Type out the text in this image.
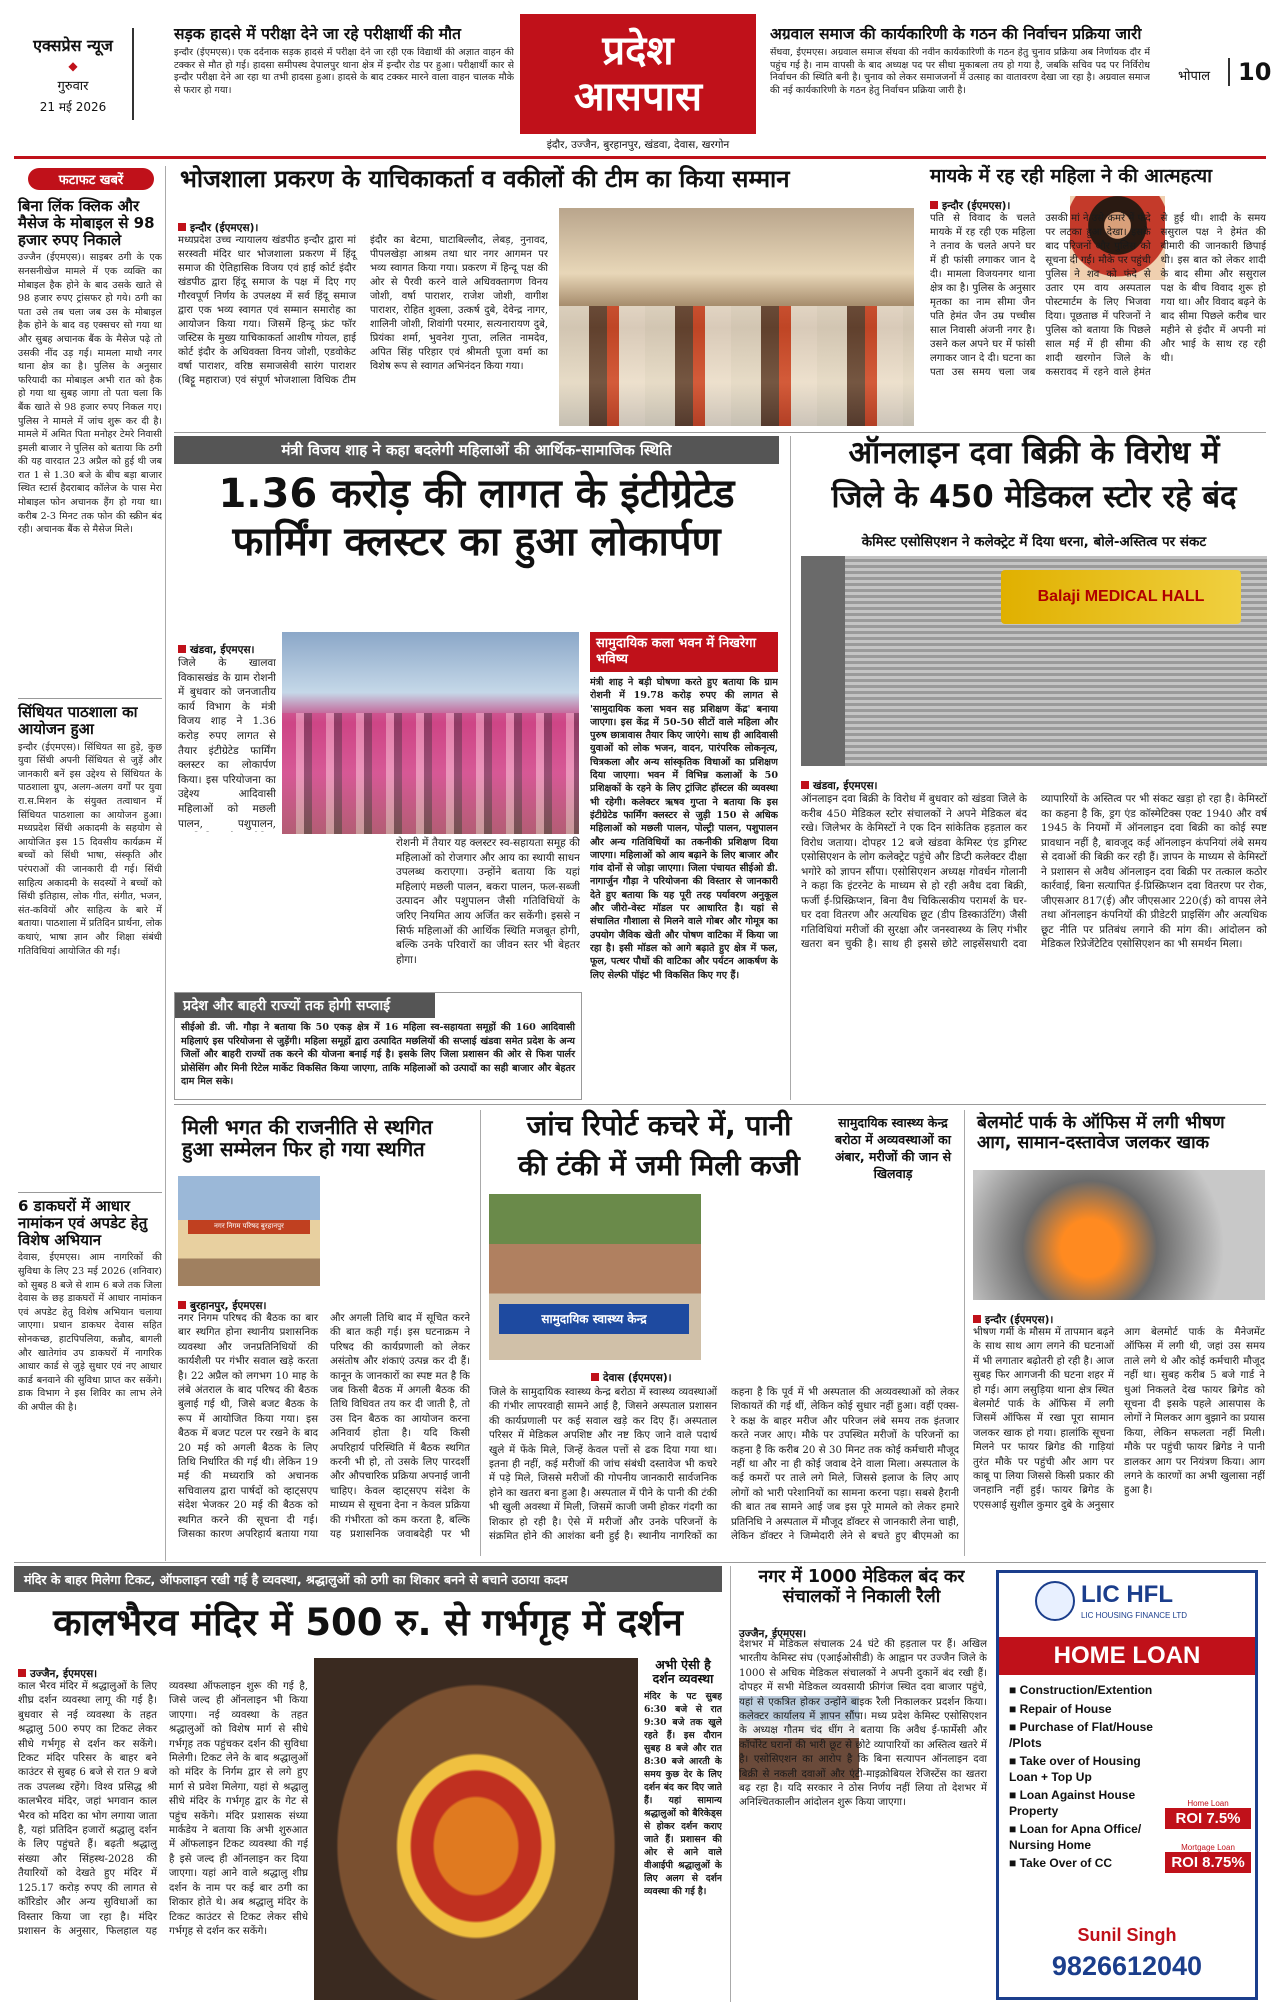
एक्सप्रेस न्यूज
◆
गुरुवार
21 मई 2026
सड़क हादसे में परीक्षा देने जा रहे परीक्षार्थी की मौत
इन्दौर (ईएमएस)। एक दर्दनाक सड़क हादसे में परीक्षा देने जा रही एक विद्यार्थी की अज्ञात वाहन की टक्कर से मौत हो गई। हादसा समीपस्थ देपालपुर थाना क्षेत्र में इन्दौर रोड पर हुआ। परीक्षार्थी कार से इन्दौर परीक्षा देने आ रहा था तभी हादसा हुआ। हादसे के बाद टक्कर मारने वाला वाहन चालक मौके से फरार हो गया।
प्रदेश
आसपास
इंदौर, उज्जैन, बुरहानपुर, खंडवा, देवास, खरगोन
अग्रवाल समाज की कार्यकारिणी के गठन की निर्वाचन प्रक्रिया जारी
सेंधवा, ईएमएस। अग्रवाल समाज सेंधवा की नवीन कार्यकारिणी के गठन हेतु चुनाव प्रक्रिया अब निर्णायक दौर में पहुंच गई है। नाम वापसी के बाद अध्यक्ष पद पर सीधा मुकाबला तय हो गया है, जबकि सचिव पद पर निर्विरोध निर्वाचन की स्थिति बनी है। चुनाव को लेकर समाजजनों में उत्साह का वातावरण देखा जा रहा है। अग्रवाल समाज की नई कार्यकारिणी के गठन हेतु निर्वाचन प्रक्रिया जारी है।
भोपाल	10
फटाफट खबरें
बिना लिंक क्लिक और मैसेज के मोबाइल से 98 हजार रुपए निकाले
उज्जैन (ईएमएस)। साइबर ठगी के एक सनसनीखेज मामले में एक व्यक्ति का मोबाइल हैक होने के बाद उसके खाते से 98 हजार रुपए ट्रांसफर हो गये। ठगी का पता उसे तब चला जब उस के मोबाइल हैक होने के बाद वह एक्सचर सो गया था और सुबह अचानक बैंक के मैसेज पढ़े तो उसकी नींद उड़ गई। मामला माधौ नगर थाना क्षेत्र का है। पुलिस के अनुसार फरियादी का मोबाइल अभी रात को हैक हो गया था सुबह जागा तो पता चला कि बैंक खाते से 98 हजार रुपए निकल गए। पुलिस ने मामले में जांच शुरू कर दी है। मामले में अमित पिता मनोहर टेमरे निवासी इमली बाजार ने पुलिस को बताया कि ठगी की यह वारदात 23 अप्रैल को हुई थी जब रात 1 से 1.30 बजे के बीच बड़ा बाजार स्थित स्टार्स हैदराबाद कॉलेज के पास मेरा मोबाइल फोन अचानक हैंग हो गया था। करीब 2-3 मिनट तक फोन की स्क्रीन बंद रही। अचानक बैंक से मैसेज मिले।
सिंधियत पाठशाला का आयोजन हुआ
इन्दौर (ईएमएस)। सिंधियत सा हुड़े, कुछ युवा सिंधी अपनी सिंधियत से जुड़ें और जानकारी बनें इस उद्देश्य से सिंधियत के पाठशाला ग्रुप, अलग-अलग वर्गों पर युवा रा.स.मिशन के संयुक्त तत्वाधान में सिंधियत पाठशाला का आयोजन हुआ। मध्यप्रदेश सिंधी अकादमी के सहयोग से आयोजित इस 15 दिवसीय कार्यक्रम में बच्चों को सिंधी भाषा, संस्कृति और परंपराओं की जानकारी दी गई। सिंधी साहित्य अकादमी के सदस्यों ने बच्चों को सिंधी इतिहास, लोक गीत, संगीत, भजन, संत-कवियों और साहित्य के बारे में बताया। पाठशाला में प्रतिदिन प्रार्थना, लोक कथाएं, भाषा ज्ञान और शिक्षा संबंधी गतिविधियां आयोजित की गईं।
6 डाकघरों में आधार नामांकन एवं अपडेट हेतु विशेष अभियान
देवास, ईएमएस। आम नागरिकों की सुविधा के लिए 23 मई 2026 (शनिवार) को सुबह 8 बजे से शाम 6 बजे तक जिला देवास के छह डाकघरों में आधार नामांकन एवं अपडेट हेतु विशेष अभियान चलाया जाएगा। प्रधान डाकघर देवास सहित सोनकच्छ, हाटपिपलिया, कन्नौद, बागली और खातेगांव उप डाकघरों में नागरिक आधार कार्ड से जुड़े सुधार एवं नए आधार कार्ड बनवाने की सुविधा प्राप्त कर सकेंगे। डाक विभाग ने इस शिविर का लाभ लेने की अपील की है।
भोजशाला प्रकरण के याचिकाकर्ता व वकीलों की टीम का किया सम्मान
इन्दौर (ईएमएस)।
मध्यप्रदेश उच्च न्यायालय खंडपीठ इन्दौर द्वारा मां सरस्वती मंदिर धार भोजशाला प्रकरण में हिंदू समाज की ऐतिहासिक विजय एवं हाई कोर्ट इंदौर खंडपीठ द्वारा हिंदू समाज के पक्ष में दिए गए गौरवपूर्ण निर्णय के उपलक्ष्य में सर्व हिंदू समाज द्वारा एक भव्य स्वागत एवं सम्मान समारोह का आयोजन किया गया। जिसमें हिन्दू फ्रंट फॉर जस्टिस के मुख्य याचिकाकर्ता आशीष गोयल, हाई कोर्ट इंदौर के अधिवक्ता विनय जोशी, एडवोकेट वर्षा पाराशर, वरिष्ठ समाजसेवी सारंग पाराशर (बिट्टू महाराज) एवं संपूर्ण भोजशाला विधिक टीम इंदौर का बेटमा, घाटाबिल्लौद, लेबड़, नुनावद, पीपलखेड़ा आश्रम तथा धार नगर आगमन पर भव्य स्वागत किया गया। प्रकरण में हिन्दू पक्ष की ओर से पैरवी करने वाले अधिवक्तागण विनय जोशी, वर्षा पाराशर, राजेश जोशी, वागीश पाराशर, रोहित शुक्ला, उत्कर्ष दुबे, देवेन्द्र नागर, शालिनी जोशी, शिवांगी परमार, सत्यनारायण दुबे, प्रियंका शर्मा, भुवनेश गुप्ता, ललित नामदेव, अपित सिंह परिहार एवं श्रीमती पूजा वर्मा का विशेष रूप से स्वागत अभिनंदन किया गया।
मायके में रह रही महिला ने की आत्महत्या
इन्दौर (ईएमएस)।
पति से विवाद के चलते मायके में रह रही एक महिला ने तनाव के चलते अपने घर में ही फांसी लगाकर जान दे दी। मामला विजयनगर थाना क्षेत्र का है। पुलिस के अनुसार मृतका का नाम सीमा जैन पति हेमंत जैन उम्र पच्चीस साल निवासी अंजनी नगर है। उसने कल अपने घर में फांसी लगाकर जान दे दी। घटना का पता उस समय चला जब उसकी मां ने उसे कमरे में फंदे पर लटका हुआ देखा। इसके बाद परिजनों और पुलिस को सूचना दी गई। मौके पर पहुंची पुलिस ने शव को फंदे से उतार एम वाय अस्पताल पोस्टमार्टम के लिए भिजवा दिया। पूछताछ में परिजनों ने पुलिस को बताया कि पिछले साल मई में ही सीमा की शादी खरगोन जिले के कसरावद में रहने वाले हेमंत से हुई थी। शादी के समय ससुराल पक्ष ने हेमंत की बीमारी की जानकारी छिपाई थी। इस बात को लेकर शादी के बाद सीमा और ससुराल पक्ष के बीच विवाद शुरू हो गया था। और विवाद बढ़ने के बाद सीमा पिछले करीब चार महीने से इंदौर में अपनी मां और भाई के साथ रह रही थी।
मंत्री विजय शाह ने कहा बदलेगी महिलाओं की आर्थिक-सामाजिक स्थिति
1.36 करोड़ की लागत के इंटीग्रेटेड
फार्मिंग क्लस्टर का हुआ लोकार्पण
खंडवा, ईएमएस।
जिले के खालवा विकासखंड के ग्राम रोशनी में बुधवार को जनजातीय कार्य विभाग के मंत्री विजय शाह ने 1.36 करोड़ रुपए लागत से तैयार इंटीग्रेटेड फार्मिंग क्लस्टर का लोकार्पण किया। इस परियोजना का उद्देश्य आदिवासी महिलाओं को मछली पालन, पशुपालन,
रोशनी में तैयार यह क्लस्टर स्व-सहायता समूह की महिलाओं को रोजगार और आय का स्थायी साधन उपलब्ध कराएगा। उन्होंने बताया कि यहां महिलाएं मछली पालन, बकरा पालन, फल-सब्जी उत्पादन और पशुपालन जैसी गतिविधियों के जरिए नियमित आय अर्जित कर सकेंगी। इससे न सिर्फ महिलाओं की आर्थिक स्थिति मजबूत होगी, बल्कि उनके परिवारों का जीवन स्तर भी बेहतर होगा।
प्रदेश और बाहरी राज्यों तक होगी सप्लाई
सीईओ डी. जी. गौड़ा ने बताया कि 50 एकड़ क्षेत्र में 16 महिला स्व-सहायता समूहों की 160 आदिवासी महिलाएं इस परियोजना से जुड़ेंगी। महिला समूहों द्वारा उत्पादित मछलियों की सप्लाई खंडवा समेत प्रदेश के अन्य जिलों और बाहरी राज्यों तक करने की योजना बनाई गई है। इसके लिए जिला प्रशासन की ओर से फिश पार्लर प्रोसेसिंग और मिनी रिटेल मार्केट विकसित किया जाएगा, ताकि महिलाओं को उत्पादों का सही बाजार और बेहतर दाम मिल सके।
सामुदायिक कला भवन में निखरेगा भविष्य
मंत्री शाह ने बड़ी घोषणा करते हुए बताया कि ग्राम रोशनी में 19.78 करोड़ रुपए की लागत से 'सामुदायिक कला भवन सह प्रशिक्षण केंद्र' बनाया जाएगा। इस केंद्र में 50-50 सीटों वाले महिला और पुरुष छात्रावास तैयार किए जाएंगे। साथ ही आदिवासी युवाओं को लोक भजन, वादन, पारंपरिक लोकनृत्य, चित्रकला और अन्य सांस्कृतिक विधाओं का प्रशिक्षण दिया जाएगा। भवन में विभिन्न कलाओं के 50 प्रशिक्षकों के रहने के लिए ट्रांजिट हॉस्टल की व्यवस्था भी रहेगी। कलेक्टर ऋषव गुप्ता ने बताया कि इस इंटीग्रेटेड फार्मिंग क्लस्टर से जुड़ी 150 से अधिक महिलाओं को मछली पालन, पोल्ट्री पालन, पशुपालन और अन्य गतिविधियों का तकनीकी प्रशिक्षण दिया जाएगा। महिलाओं को आय बढ़ाने के लिए बाजार और गांव दोनों से जोड़ा जाएगा। जिला पंचायत सीईओ डी. नागार्जुन गौड़ा ने परियोजना की विस्तार से जानकारी देते हुए बताया कि यह पूरी तरह पर्यावरण अनुकूल और जीरो-वेस्ट मॉडल पर आधारित है। यहां से संचालित गौशाला से मिलने वाले गोबर और गोमूत्र का उपयोग जैविक खेती और पोषण वाटिका में किया जा रहा है। इसी मॉडल को आगे बढ़ाते हुए क्षेत्र में फल, फूल, पत्थर पौधों की वाटिका और पर्यटन आकर्षण के लिए सेल्फी पॉइंट भी विकसित किए गए हैं।
ऑनलाइन दवा बिक्री के विरोध में
जिले के 450 मेडिकल स्टोर रहे बंद
केमिस्ट एसोसिएशन ने कलेक्ट्रेट में दिया धरना, बोले-अस्तित्व पर संकट
Balaji MEDICAL HALL
खंडवा, ईएमएस।
ऑनलाइन दवा बिक्री के विरोध में बुधवार को खंडवा जिले के करीब 450 मेडिकल स्टोर संचालकों ने अपने मेडिकल बंद रखे। जिलेभर के केमिस्टों ने एक दिन सांकेतिक हड़ताल कर विरोध जताया। दोपहर 12 बजे खंडवा केमिस्ट एंड ड्रगिस्ट एसोसिएशन के लोग कलेक्ट्रेट पहुंचे और डिप्टी कलेक्टर दीक्षा भगोरे को ज्ञापन सौंपा। एसोसिएशन अध्यक्ष गोवर्धन गोलानी ने कहा कि इंटरनेट के माध्यम से हो रही अवैध दवा बिक्री, फर्जी ई-प्रिस्क्रिप्शन, बिना वैध चिकित्सकीय परामर्श के घर-घर दवा वितरण और अत्यधिक छूट (डीप डिस्काउंटिंग) जैसी गतिविधियां मरीजों की सुरक्षा और जनस्वास्थ्य के लिए गंभीर खतरा बन चुकी है। साथ ही इससे छोटे लाइसेंसधारी दवा व्यापारियों के अस्तित्व पर भी संकट खड़ा हो रहा है। केमिस्टों का कहना है कि, ड्रग एंड कॉस्मेटिक्स एक्ट 1940 और वर्ष 1945 के नियमों में ऑनलाइन दवा बिक्री का कोई स्पष्ट प्रावधान नहीं है, बावजूद कई ऑनलाइन कंपनियां लंबे समय से दवाओं की बिक्री कर रही हैं। ज्ञापन के माध्यम से केमिस्टों ने प्रशासन से अवैध ऑनलाइन दवा बिक्री पर तत्काल कठोर कार्रवाई, बिना सत्यापित ई-प्रिस्क्रिप्शन दवा वितरण पर रोक, जीएसआर 817(ई) और जीएसआर 220(ई) को वापस लेने तथा ऑनलाइन कंपनियों की प्रीडेटरी प्राइसिंग और अत्यधिक छूट नीति पर प्रतिबंध लगाने की मांग की। आंदोलन को मेडिकल रिप्रेजेंटेटिव एसोसिएशन का भी समर्थन मिला।
मिली भगत की राजनीति से स्थगित हुआ सम्मेलन फिर हो गया स्थगित
नगर निगम परिषद बुरहानपुर
बुरहानपुर, ईएमएस।
नगर निगम परिषद की बैठक का बार बार स्थगित होना स्थानीय प्रशासनिक व्यवस्था और जनप्रतिनिधियों की कार्यशैली पर गंभीर सवाल खड़े करता है। 22 अप्रैल को लगभग 10 माह के लंबे अंतराल के बाद परिषद की बैठक बुलाई गई थी, जिसे बजट बैठक के रूप में आयोजित किया गया। इस बैठक में बजट पटल पर रखने के बाद 20 मई को अगली बैठक के लिए तिथि निर्धारित की गई थी। लेकिन 19 मई की मध्यरात्रि को अचानक सचिवालय द्वारा पार्षदों को व्हाट्सएप संदेश भेजकर 20 मई की बैठक को स्थगित करने की सूचना दी गई। जिसका कारण अपरिहार्य बताया गया और अगली तिथि बाद में सूचित करने की बात कही गई। इस घटनाक्रम ने परिषद की कार्यप्रणाली को लेकर असंतोष और शंकाएं उत्पन्न कर दी हैं। कानून के जानकारों का स्पष्ट मत है कि जब किसी बैठक में अगली बैठक की तिथि विधिवत तय कर दी जाती है, तो उस दिन बैठक का आयोजन करना अनिवार्य होता है। यदि किसी अपरिहार्य परिस्थिति में बैठक स्थगित करनी भी हो, तो उसके लिए पारदर्शी और औपचारिक प्रक्रिया अपनाई जानी चाहिए। केवल व्हाट्सएप संदेश के माध्यम से सूचना देना न केवल प्रक्रिया की गंभीरता को कम करता है, बल्कि यह प्रशासनिक जवाबदेही पर भी
जांच रिपोर्ट कचरे में, पानी
की टंकी में जमी मिली कजी
सामुदायिक स्वास्थ्य केन्द्र बरोठा में अव्यवस्थाओं का अंबार, मरीजों की जान से खिलवाड़
सामुदायिक स्वास्थ्य केन्द्र
देवास (ईएमएस)।
जिले के सामुदायिक स्वास्थ्य केन्द्र बरोठा में स्वास्थ्य व्यवस्थाओं की गंभीर लापरवाही सामने आई है, जिसने अस्पताल प्रशासन की कार्यप्रणाली पर कई सवाल खड़े कर दिए हैं। अस्पताल परिसर में मेडिकल अपशिष्ट और नष्ट किए जाने वाले पदार्थ खुले में फेंके मिले, जिन्हें केवल पत्तों से ढक दिया गया था। इतना ही नहीं, कई मरीजों की जांच संबंधी दस्तावेज भी कचरे में पड़े मिले, जिससे मरीजों की गोपनीय जानकारी सार्वजनिक होने का खतरा बना हुआ है। अस्पताल में पीने के पानी की टंकी भी खुली अवस्था में मिली, जिसमें काजी जमी होकर गंदगी का शिकार हो रही है। ऐसे में मरीजों और उनके परिजनों के संक्रमित होने की आशंका बनी हुई है। स्थानीय नागरिकों का कहना है कि पूर्व में भी अस्पताल की अव्यवस्थाओं को लेकर शिकायतें की गई थीं, लेकिन कोई सुधार नहीं हुआ। वहीं एक्स-रे कक्ष के बाहर मरीज और परिजन लंबे समय तक इंतजार करते नजर आए। मौके पर उपस्थित मरीजों के परिजनों का कहना है कि करीब 20 से 30 मिनट तक कोई कर्मचारी मौजूद नहीं था और ना ही कोई जवाब देने वाला मिला। अस्पताल के कई कमरों पर ताले लगे मिले, जिससे इलाज के लिए आए लोगों को भारी परेशानियों का सामना करना पड़ा। सबसे हैरानी की बात तब सामने आई जब इस पूरे मामले को लेकर हमारे प्रतिनिधि ने अस्पताल में मौजूद डॉक्टर से जानकारी लेना चाही, लेकिन डॉक्टर ने जिम्मेदारी लेने से बचते हुए बीएमओ का
बेलमोर्ट पार्क के ऑफिस में लगी भीषण आग, सामान-दस्तावेज जलकर खाक
इन्दौर (ईएमएस)।
भीषण गर्मी के मौसम में तापमान बढ़ने के साथ साथ आग लगने की घटनाओं में भी लगातार बढ़ोतरी हो रही है। आज सुबह फिर आगजनी की घटना शहर में हो गई। आग लसुड़िया थाना क्षेत्र स्थित बेलमोर्ट पार्क के ऑफिस में लगी जिसमें ऑफिस में रखा पूरा सामान जलकर खाक हो गया। हालांकि सूचना मिलने पर फायर ब्रिगेड की गाड़ियां तुरंत मौके पर पहुंची और आग पर काबू पा लिया जिससे किसी प्रकार की जनहानि नहीं हुई। फायर ब्रिगेड के एएसआई सुशील कुमार दुबे के अनुसार आग बेलमोर्ट पार्क के मैनेजमेंट ऑफिस में लगी थी, जहां उस समय ताले लगे थे और कोई कर्मचारी मौजूद नहीं था। सुबह करीब 5 बजे गार्ड ने धुआं निकलते देख फायर ब्रिगेड को सूचना दी इसके पहले आसपास के लोगों ने मिलकर आग बुझाने का प्रयास किया, लेकिन सफलता नहीं मिली। मौके पर पहुंची फायर ब्रिगेड ने पानी डालकर आग पर नियंत्रण किया। आग लगने के कारणों का अभी खुलासा नहीं हुआ है।
मंदिर के बाहर मिलेगा टिकट, ऑफलाइन रखी गई है व्यवस्था, श्रद्धालुओं को ठगी का शिकार बनने से बचाने उठाया कदम
कालभैरव मंदिर में 500 रु. से गर्भगृह में दर्शन
उज्जैन, ईएमएस।
काल भैरव मंदिर में श्रद्धालुओं के लिए शीघ्र दर्शन व्यवस्था लागू की गई है। बुधवार से नई व्यवस्था के तहत श्रद्धालु 500 रुपए का टिकट लेकर सीधे गर्भगृह से दर्शन कर सकेंगे। टिकट मंदिर परिसर के बाहर बने काउंटर से सुबह 6 बजे से रात 9 बजे तक उपलब्ध रहेंगे। विश्व प्रसिद्ध श्री कालभैरव मंदिर, जहां भगवान काल भैरव को मदिरा का भोग लगाया जाता है, यहां प्रतिदिन हजारों श्रद्धालु दर्शन के लिए पहुंचते हैं। बढ़ती श्रद्धालु संख्या और सिंहस्थ-2028 की तैयारियों को देखते हुए मंदिर में 125.17 करोड़ रुपए की लागत से कॉरिडोर और अन्य सुविधाओं का विस्तार किया जा रहा है। मंदिर प्रशासन के अनुसार, फिलहाल यह व्यवस्था ऑफलाइन शुरू की गई है, जिसे जल्द ही ऑनलाइन भी किया जाएगा। नई व्यवस्था के तहत श्रद्धालुओं को विशेष मार्ग से सीधे गर्भगृह तक पहुंचकर दर्शन की सुविधा मिलेगी। टिकट लेने के बाद श्रद्धालुओं को मंदिर के निर्गम द्वार से लगे हुए मार्ग से प्रवेश मिलेगा, यहां से श्रद्धालु सीधे मंदिर के गर्भगृह द्वार के गेट से पहुंच सकेंगे। मंदिर प्रशासक संध्या मार्कडेय ने बताया कि अभी शुरुआत में ऑफलाइन टिकट व्यवस्था की गई है इसे जल्द ही ऑनलाइन कर दिया जाएगा। यहां आने वाले श्रद्धालु शीघ्र दर्शन के नाम पर कई बार ठगी का शिकार होते थे। अब श्रद्धालु मंदिर के टिकट काउंटर से टिकट लेकर सीधे गर्भगृह से दर्शन कर सकेंगे।
अभी ऐसी है
दर्शन व्यवस्था
मंदिर के पट सुबह 6:30 बजे से रात 9:30 बजे तक खुले रहते हैं। इस दौरान सुबह 8 बजे और रात 8:30 बजे आरती के समय कुछ देर के लिए दर्शन बंद कर दिए जाते हैं। यहां सामान्य श्रद्धालुओं को बैरिकेड्स से होकर दर्शन कराए जाते हैं। प्रशासन की ओर से आने वाले वीआईपी श्रद्धालुओं के लिए अलग से दर्शन व्यवस्था की गई है।
नगर में 1000 मेडिकल बंद कर संचालकों ने निकाली रैली
उज्जैन, ईएमएस।
देशभर में मेडिकल संचालक 24 घंटे की हड़ताल पर हैं। अखिल भारतीय केमिस्ट संघ (एआईओसीडी) के आह्वान पर उज्जैन जिले के 1000 से अधिक मेडिकल संचालकों ने अपनी दुकानें बंद रखी हैं। दोपहर में सभी मेडिकल व्यवसायी फ्रीगंज स्थित दवा बाजार पहुंचे, यहां से एकत्रित होकर उन्होंने बाइक रैली निकालकर प्रदर्शन किया। कलेक्टर कार्यालय में ज्ञापन सौंपा। मध्य प्रदेश केमिस्ट एसोसिएशन के अध्यक्ष गौतम चंद धींग ने बताया कि अवैध ई-फार्मेसी और कॉर्पोरेट घरानों की भारी छूट से छोटे व्यापारियों का अस्तित्व खतरे में है। एसोसिएशन का आरोप है कि बिना सत्यापन ऑनलाइन दवा बिक्री से नकली दवाओं और एंटी-माइक्रोबियल रेजिस्टेंस का खतरा बढ़ रहा है। यदि सरकार ने ठोस निर्णय नहीं लिया तो देशभर में अनिश्चितकालीन आंदोलन शुरू किया जाएगा।
LIC HFL
LIC HOUSING FINANCE LTD
HOME LOAN
■ Construction/Extention
■ Repair of House
■ Purchase of Flat/House /Plots
■ Take over of Housing Loan + Top Up
■ Loan Against House Property
■ Loan for Apna Office/ Nursing Home
■ Take Over of CC
Home Loan
ROI 7.5%
Mortgage Loan
ROI 8.75%
Sunil Singh
9826612040
